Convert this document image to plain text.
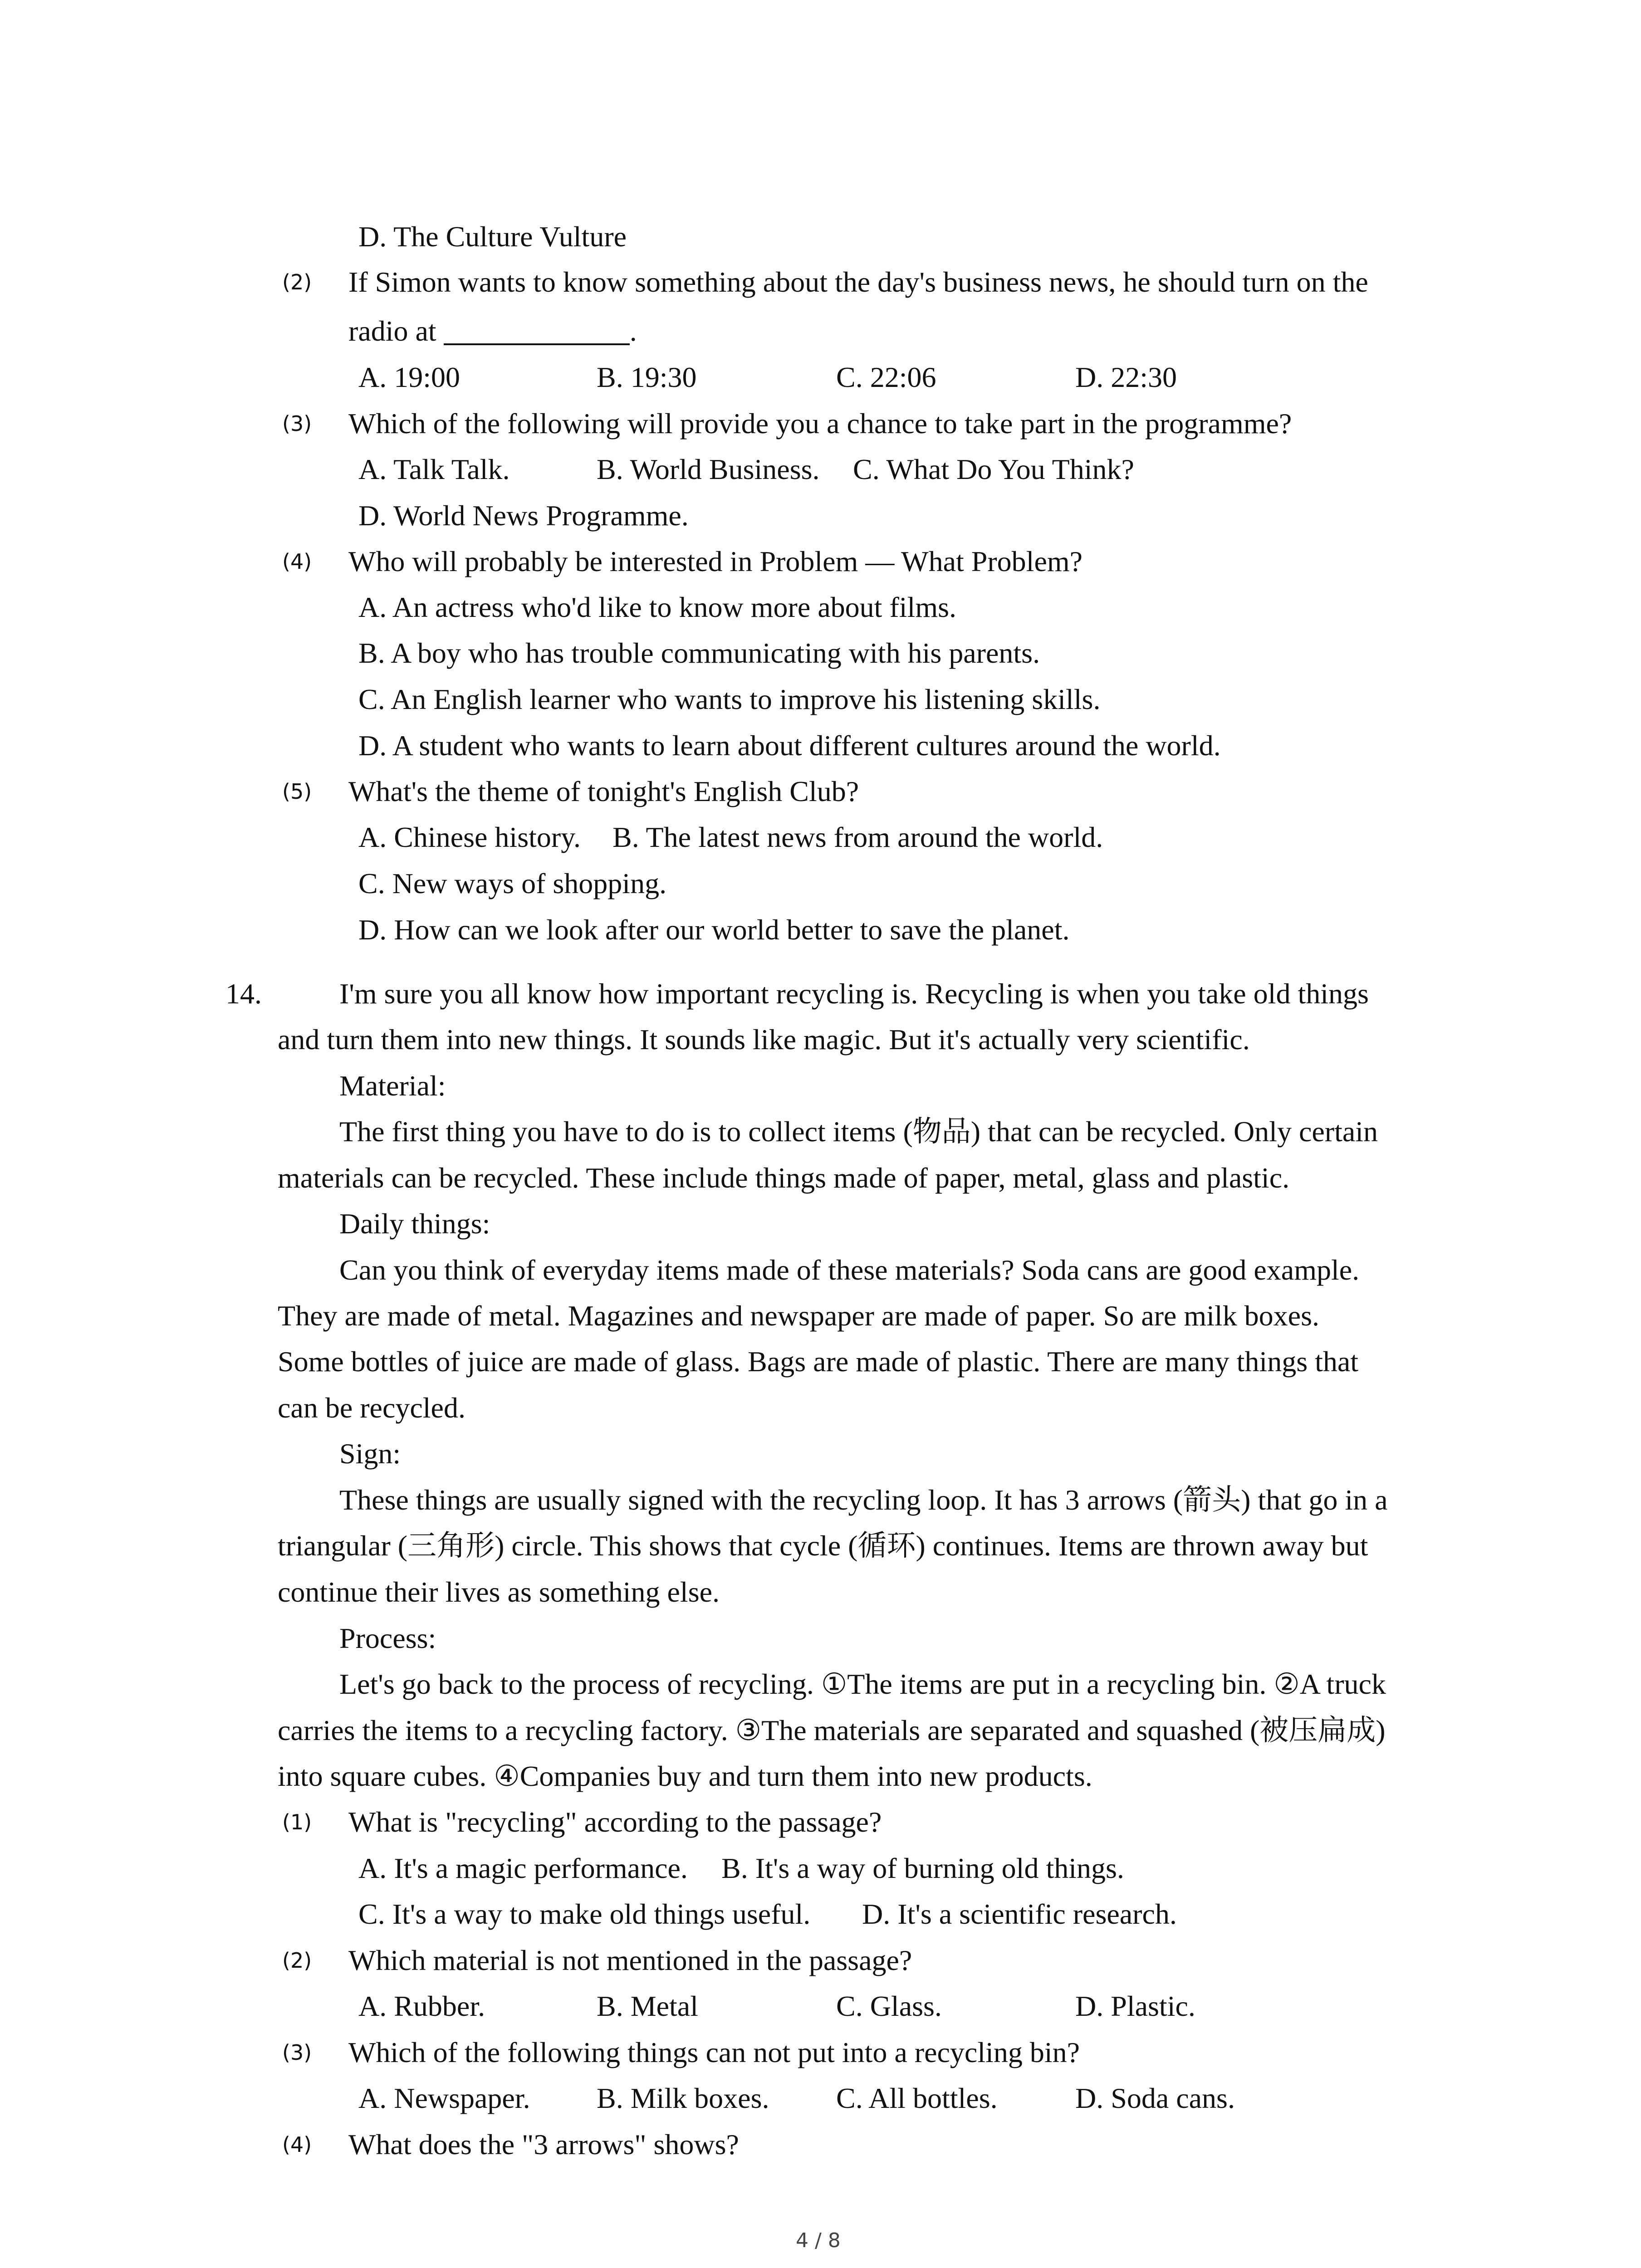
D. The Culture Vulture

(2) If Simon wants to know something about the day's business news, he should turn on the

radio at	.

A. 19:00	B. 19:30	C. 22:06	D. 22:30

(3) Which of the following will provide you a chance to take part in the programme?

A. Talk Talk.	B. World Business. C. What Do You Think?

D. World News Programme.

(4) Who will probably be interested in Problem — What Problem?

A. An actress who'd like to know more about films.

B. A boy who has trouble communicating with his parents.

C. An English learner who wants to improve his listening skills.

D. A student who wants to learn about different cultures around the world.

(5) What's the theme of tonight's English Club?

A. Chinese history. B. The latest news from around the world.

C. New ways of shopping.

D. How can we look after our world better to save the planet.

14.	I'm sure you all know how important recycling is. Recycling is when you take old things

and turn them into new things. It sounds like magic. But it's actually very scientific.

Material:

The first thing you have to do is to collect items (物品) that can be recycled. Only certain

materials can be recycled. These include things made of paper, metal, glass and plastic.

Daily things:

Can you think of everyday items made of these materials? Soda cans are good example.

They are made of metal. Magazines and newspaper are made of paper. So are milk boxes.

Some bottles of juice are made of glass. Bags are made of plastic. There are many things that

can be recycled.

Sign:

These things are usually signed with the recycling loop. It has 3 arrows (箭头) that go in a

triangular (三角形) circle. This shows that cycle (循环) continues. Items are thrown away but

continue their lives as something else.

Process:

Let's go back to the process of recycling. ①The items are put in a recycling bin. ②A truck

carries the items to a recycling factory. ③The materials are separated and squashed (被压扁成)

into square cubes. ④Companies buy and turn them into new products.

(1) What is "recycling" according to the passage?

A. It's a magic performance. B. It's a way of burning old things.

C. It's a way to make old things useful. D. It's a scientific research.

(2) Which material is not mentioned in the passage?

A. Rubber.	B. Metal	C. Glass.	D. Plastic.

(3) Which of the following things can not put into a recycling bin?

A. Newspaper. B. Milk boxes. C. All bottles.	D. Soda cans.

(4) What does the "3 arrows" shows?

4 / 8
